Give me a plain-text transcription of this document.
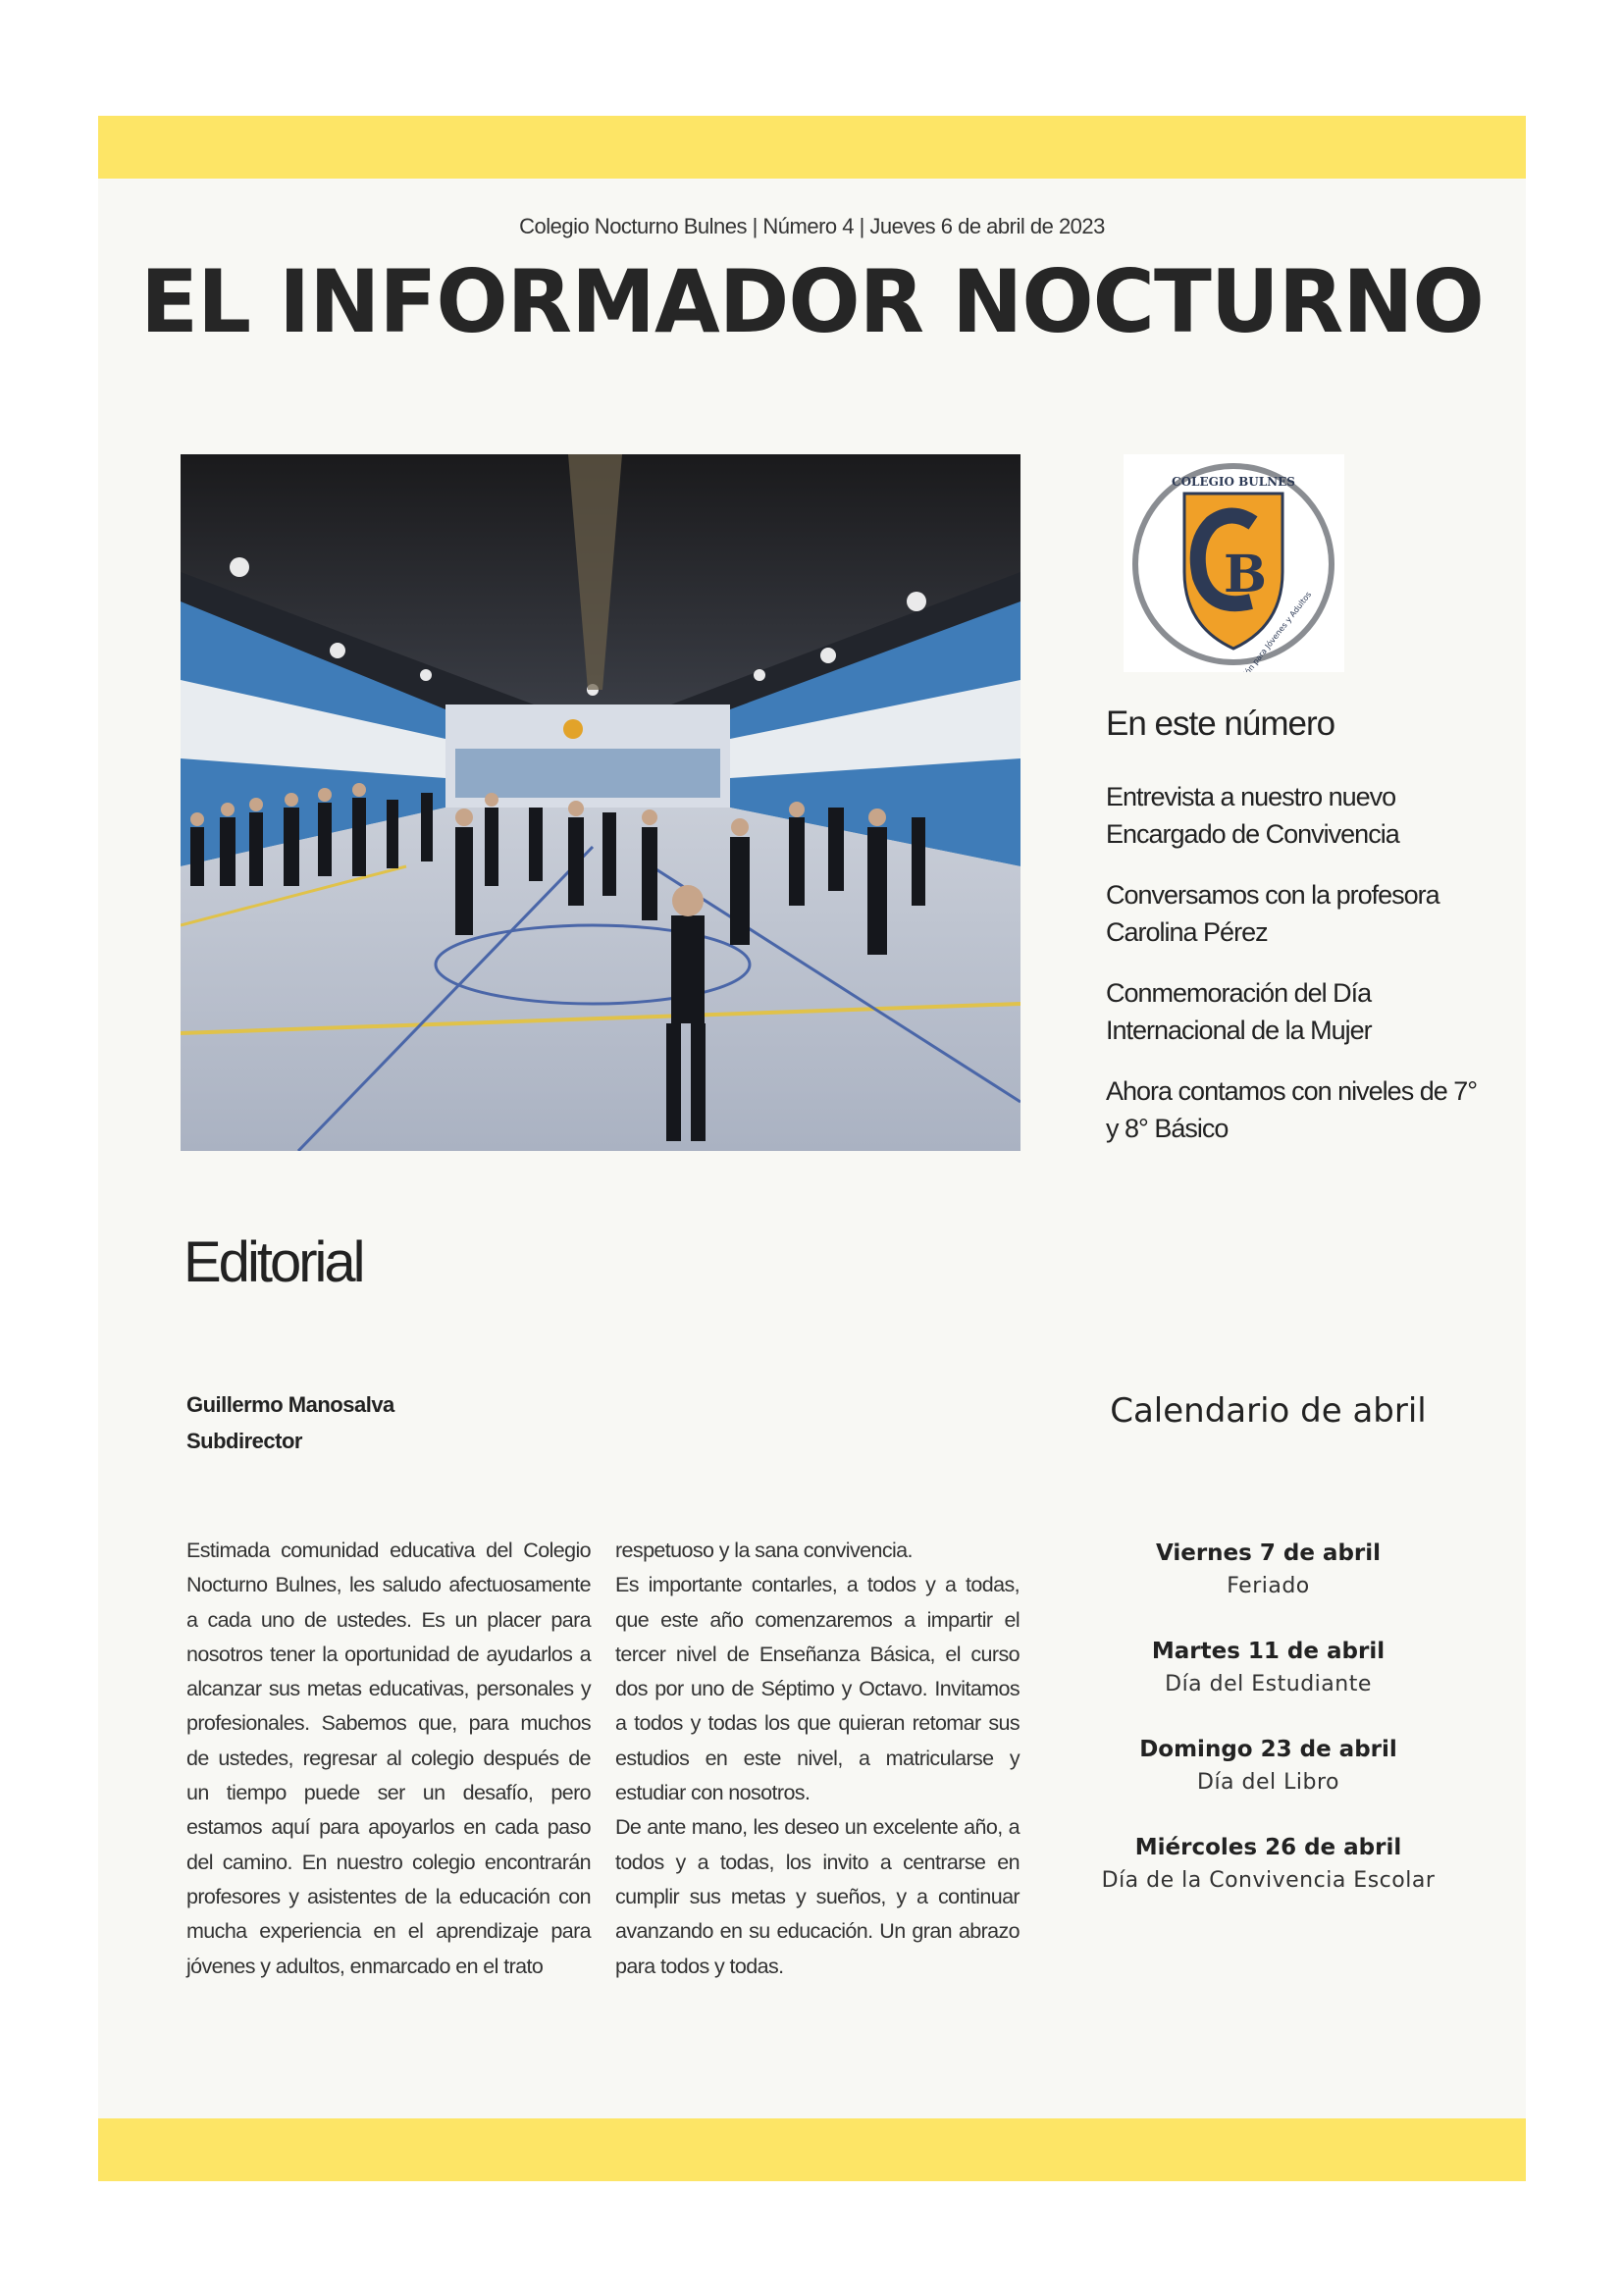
Colegio Nocturno Bulnes | Número 4 | Jueves 6 de abril de 2023
EL INFORMADOR NOCTURNO
B
COLEGIO BULNES
En este número
Entrevista a nuestro nuevo Encargado de Convivencia
Conversamos con la profesora Carolina Pérez
Conmemoración del Día Internacional de la Mujer
Ahora contamos con niveles de 7° y 8° Básico
Editorial
Guillermo Manosalva
Subdirector

Estimada comunidad educativa del Colegio Nocturno Bulnes, les saludo afectuosamente a cada uno de ustedes. Es un placer para nosotros tener la oportunidad de ayudarlos a alcanzar sus metas educativas, personales y profesionales. Sabemos que, para muchos de ustedes, regresar al colegio después de un tiempo puede ser un desafío, pero estamos aquí para apoyarlos en cada paso del camino. En nuestro colegio encontrarán profesores y asistentes de la educación con mucha experiencia en el aprendizaje para jóvenes y adultos, enmarcado en el trato

respetuoso y la sana convivencia.

Es importante contarles, a todos y a todas, que este año comenzaremos a impartir el tercer nivel de Enseñanza Básica, el curso dos por uno de Séptimo y Octavo. Invitamos a todos y todas los que quieran retomar sus estudios en este nivel, a matricularse y estudiar con nosotros.

De ante mano, les deseo un excelente año, a todos y a todas, los invito a centrarse en cumplir sus metas y sueños, y a continuar avanzando en su educación. Un gran abrazo para todos y todas.

Calendario de abril
Viernes 7 de abril
Feriado
Martes 11 de abril
Día del Estudiante
Domingo 23 de abril
Día del Libro
Miércoles 26 de abril
Día de la Convivencia Escolar
